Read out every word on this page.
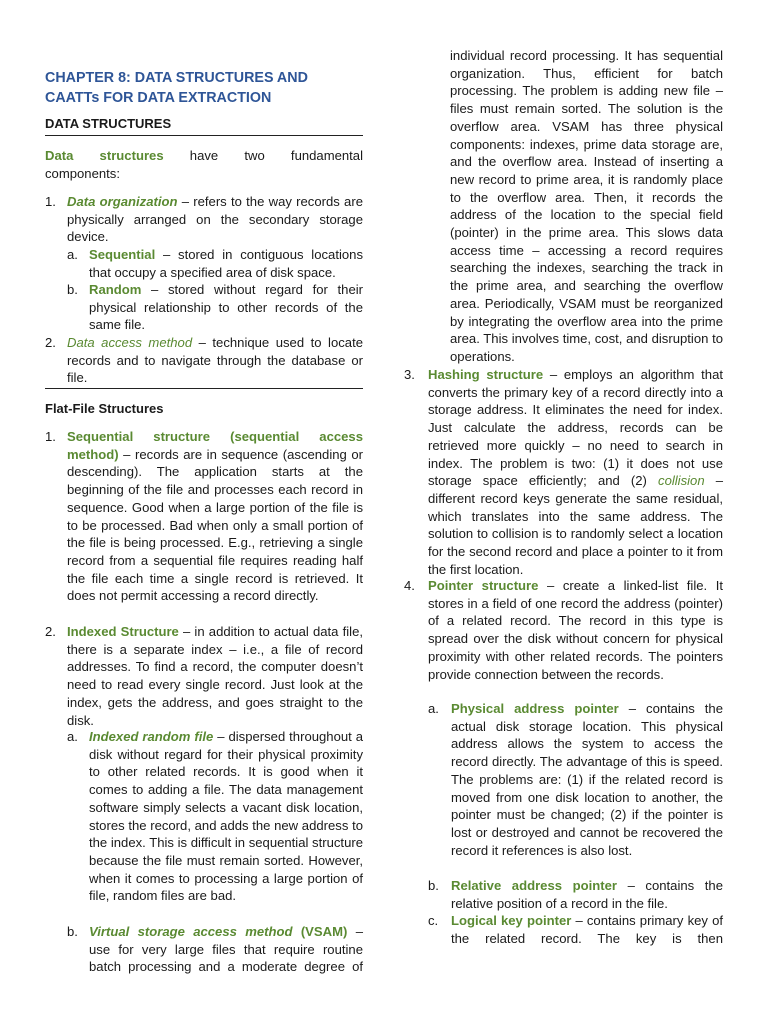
CHAPTER 8: DATA STRUCTURES AND
CAATTs FOR DATA EXTRACTION
DATA STRUCTURES
Data structures have two fundamental
components:
1. Data organization – refers to the way records are physically arranged on the secondary storage device.
a. Sequential – stored in contiguous locations that occupy a specified area of disk space.
b. Random – stored without regard for their physical relationship to other records of the same file.
2. Data access method – technique used to locate records and to navigate through the database or file.
Flat-File Structures
1. Sequential structure (sequential access method) – records are in sequence (ascending or descending). The application starts at the beginning of the file and processes each record in sequence. Good when a large portion of the file is to be processed. Bad when only a small portion of the file is being processed. E.g., retrieving a single record from a sequential file requires reading half the file each time a single record is retrieved. It does not permit accessing a record directly.
2. Indexed Structure – in addition to actual data file, there is a separate index – i.e., a file of record addresses. To find a record, the computer doesn’t need to read every single record. Just look at the index, gets the address, and goes straight to the disk.
a. Indexed random file – dispersed throughout a disk without regard for their physical proximity to other related records. It is good when it comes to adding a file. The data management software simply selects a vacant disk location, stores the record, and adds the new address to the index. This is difficult in sequential structure because the file must remain sorted. However, when it comes to processing a large portion of file, random files are bad.
b. Virtual storage access method (VSAM) – use for very large files that require routine batch processing and a moderate degree of
individual record processing. It has sequential organization. Thus, efficient for batch processing. The problem is adding new file – files must remain sorted. The solution is the overflow area. VSAM has three physical components: indexes, prime data storage are, and the overflow area. Instead of inserting a new record to prime area, it is randomly place to the overflow area. Then, it records the address of the location to the special field (pointer) in the prime area. This slows data access time – accessing a record requires searching the indexes, searching the track in the prime area, and searching the overflow area. Periodically, VSAM must be reorganized by integrating the overflow area into the prime area. This involves time, cost, and disruption to operations.
3. Hashing structure – employs an algorithm that converts the primary key of a record directly into a storage address. It eliminates the need for index. Just calculate the address, records can be retrieved more quickly – no need to search in index. The problem is two: (1) it does not use storage space efficiently; and (2) collision – different record keys generate the same residual, which translates into the same address. The solution to collision is to randomly select a location for the second record and place a pointer to it from the first location.
4. Pointer structure – create a linked-list file. It stores in a field of one record the address (pointer) of a related record. The record in this type is spread over the disk without concern for physical proximity with other related records. The pointers provide connection between the records.
a. Physical address pointer – contains the actual disk storage location. This physical address allows the system to access the record directly. The advantage of this is speed. The problems are: (1) if the related record is moved from one disk location to another, the pointer must be changed; (2) if the pointer is lost or destroyed and cannot be recovered the record it references is also lost.
b. Relative address pointer – contains the relative position of a record in the file.
c. Logical key pointer – contains primary key of the related record. The key is then
